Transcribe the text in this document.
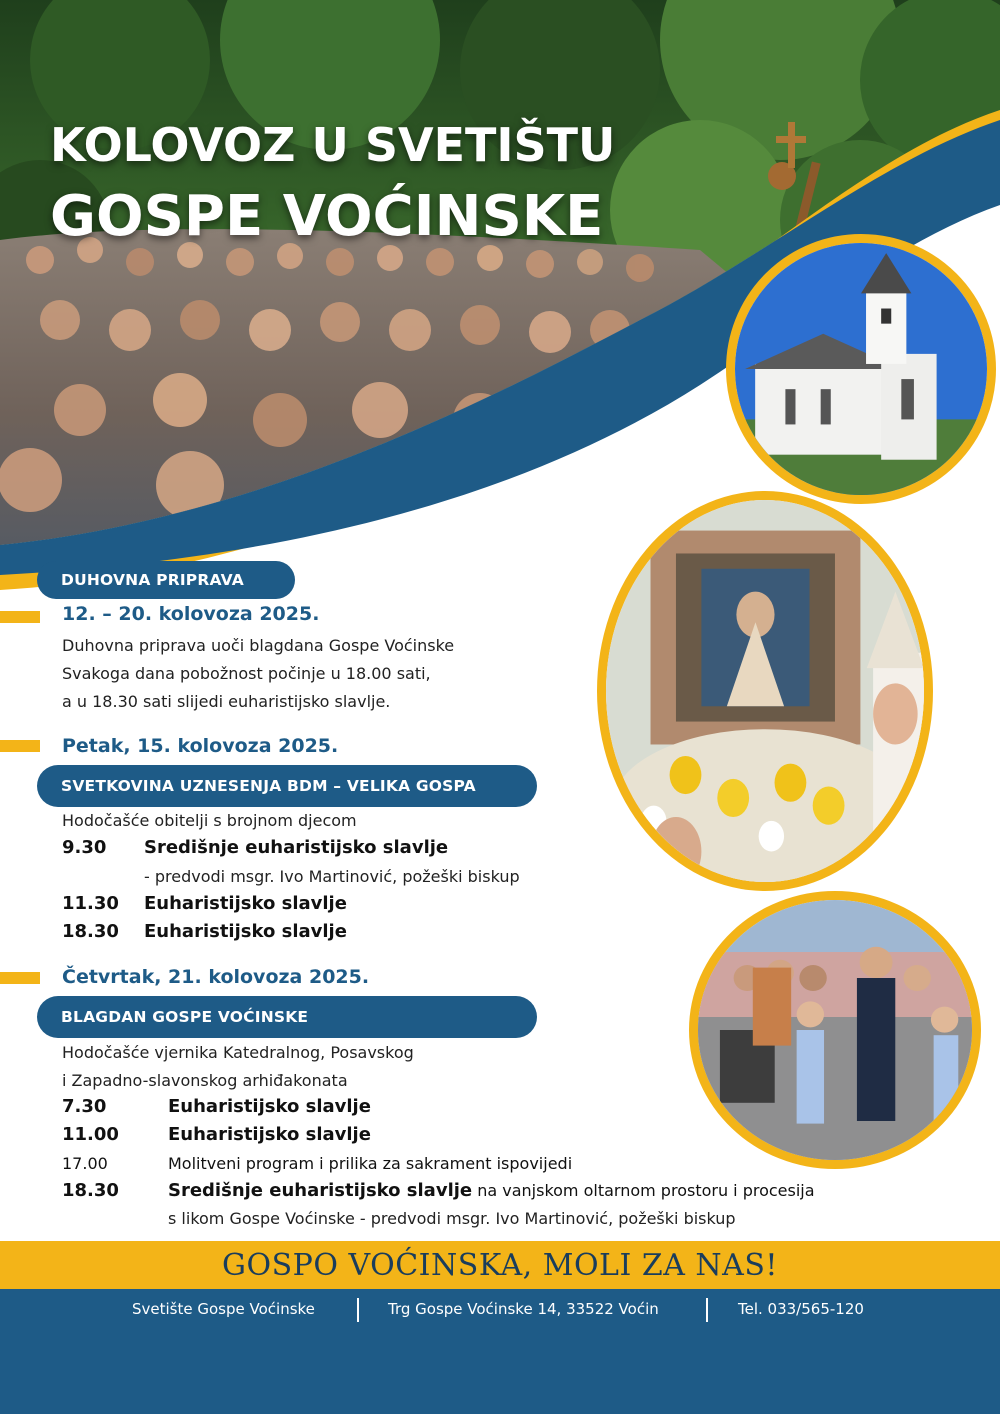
KOLOVOZ U SVETIŠTU
GOSPE VOĆINSKE
DUHOVNA PRIPRAVA
12. – 20. kolovoza 2025.
Duhovna priprava uoči blagdana Gospe Voćinske
Svakoga dana pobožnost počinje u 18.00 sati,
a u 18.30 sati slijedi euharistijsko slavlje.
Petak, 15. kolovoza 2025.
SVETKOVINA UZNESENJA BDM – VELIKA GOSPA
Hodočašće obitelji s brojnom djecom
9.30 Središnje euharistijsko slavlje
- predvodi msgr. Ivo Martinović, požeški biskup
11.30 Euharistijsko slavlje
18.30 Euharistijsko slavlje
Četvrtak, 21. kolovoza 2025.
BLAGDAN GOSPE VOĆINSKE
Hodočašće vjernika Katedralnog, Posavskog
i Zapadno-slavonskog arhiđakonata
7.30	Euharistijsko slavlje
11.00	Euharistijsko slavlje
17.00	Molitveni program i prilika za sakrament ispovijedi
18.30	Središnje euharistijsko slavlje na vanjskom oltarnom prostoru i procesija
s likom Gospe Voćinske - predvodi msgr. Ivo Martinović, požeški biskup
GOSPO VOĆINSKA, MOLI ZA NAS!
Svetište Gospe Voćinske	Trg Gospe Voćinske 14, 33522 Voćin	Tel. 033/565-120
